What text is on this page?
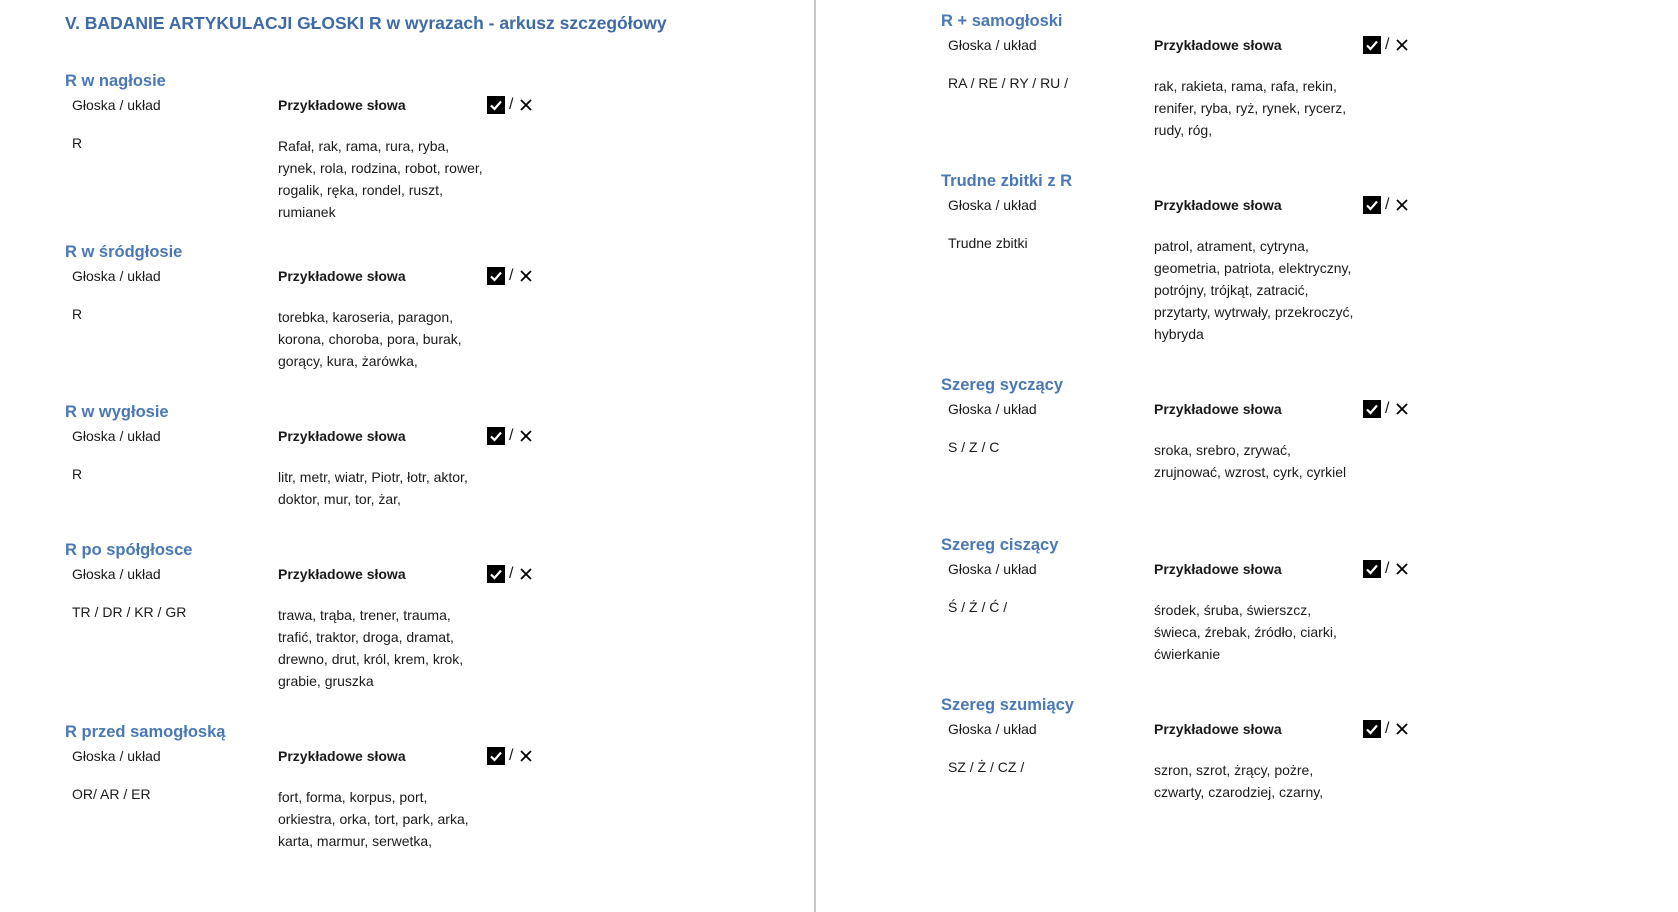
V. BADANIE ARTYKULACJI GŁOSKI R w wyrazach - arkusz szczegółowy
R w nagłosie
Głoska / układ	Przykładowe słowa	/
R	Rafał, rak, rama, rura, ryba, rynek, rola, rodzina, robot, rower, rogalik, ręka, rondel, ruszt, rumianek
R w śródgłosie
Głoska / układ	Przykładowe słowa	/
R	torebka, karoseria, paragon, korona, choroba, pora, burak, gorący, kura, żarówka,
R w wygłosie
Głoska / układ	Przykładowe słowa	/
R	litr, metr, wiatr, Piotr, łotr, aktor, doktor, mur, tor, żar,
R po spółgłosce
Głoska / układ	Przykładowe słowa	/
TR / DR / KR / GR	trawa, trąba, trener, trauma, trafić, traktor, droga, dramat, drewno, drut, król, krem, krok, grabie, gruszka
R przed samogłoską
Głoska / układ	Przykładowe słowa	/
OR/ AR / ER	fort, forma, korpus, port, orkiestra, orka, tort, park, arka, karta, marmur, serwetka,
R + samogłoski
Głoska / układ	Przykładowe słowa	/
RA / RE / RY / RU /	rak, rakieta, rama, rafa, rekin, renifer, ryba, ryż, rynek, rycerz, rudy, róg,
Trudne zbitki z R
Głoska / układ	Przykładowe słowa	/
Trudne zbitki	patrol, atrament, cytryna, geometria, patriota, elektryczny, potrójny, trójkąt, zatracić, przytarty, wytrwały, przekroczyć, hybryda
Szereg syczący
Głoska / układ	Przykładowe słowa	/
S / Z / C	sroka, srebro, zrywać, zrujnować, wzrost, cyrk, cyrkiel
Szereg ciszący
Głoska / układ	Przykładowe słowa	/
Ś / Ź / Ć /	środek, śruba, świerszcz, świeca, źrebak, źródło, ciarki, ćwierkanie
Szereg szumiący
Głoska / układ	Przykładowe słowa	/
SZ / Ż / CZ /	szron, szrot, żrący, pożre, czwarty, czarodziej, czarny,
